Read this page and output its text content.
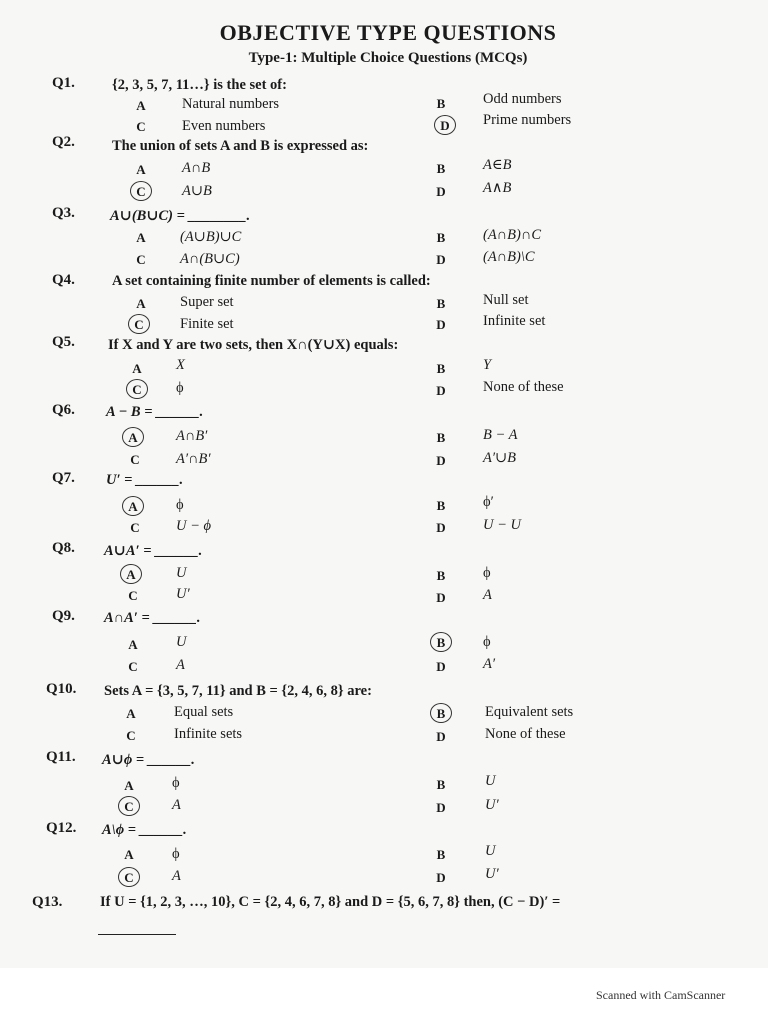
OBJECTIVE TYPE QUESTIONS
Type-1: Multiple Choice Questions (MCQs)
Q1.	{2, 3, 5, 7, 11…} is the set of:
A	Natural numbers	B	Odd numbers
C	Even numbers	D	Prime numbers
Q2.	The union of sets A and B is expressed as:
A	A∩B	B	A∈B
C	A∪B	D	A∧B
Q3. A∪(B∪C) = ________.
A	(A∪B)∪C	B	(A∩B)∩C
C	A∩(B∪C)	D	(A∩B)\C
Q4.	A set containing finite number of elements is called:
A	Super set	B	Null set
C	Finite set	D	Infinite set
Q5. If X and Y are two sets, then X∩(Y∪X) equals:
A	X	B	Y
C	ϕ	D	None of these
Q6. A − B = ______.
A	A∩B′	B	B − A
C	A′∩B′	D	A′∪B
Q7. U′ = ______.
A	ϕ	B	ϕ′
C	U − ϕ	D	U − U
Q8. A∪A′ = ______.
A	U	B	ϕ
C	U′	D	A
Q9. A∩A′ = ______.
A	U	B	ϕ
C	A	D	A′
Q10. Sets A = {3, 5, 7, 11} and B = {2, 4, 6, 8} are:
A	Equal sets	B	Equivalent sets
C	Infinite sets	D	None of these
Q11. A∪ϕ = ______.
A	ϕ	B	U
C	A	D	U′
Q12. A\ϕ = ______.
A	ϕ	B	U
C	A	D	U′
Q13.	If U = {1, 2, 3, …, 10}, C = {2, 4, 6, 7, 8} and D = {5, 6, 7, 8} then, (C − D)′ =
Scanned with CamScanner
